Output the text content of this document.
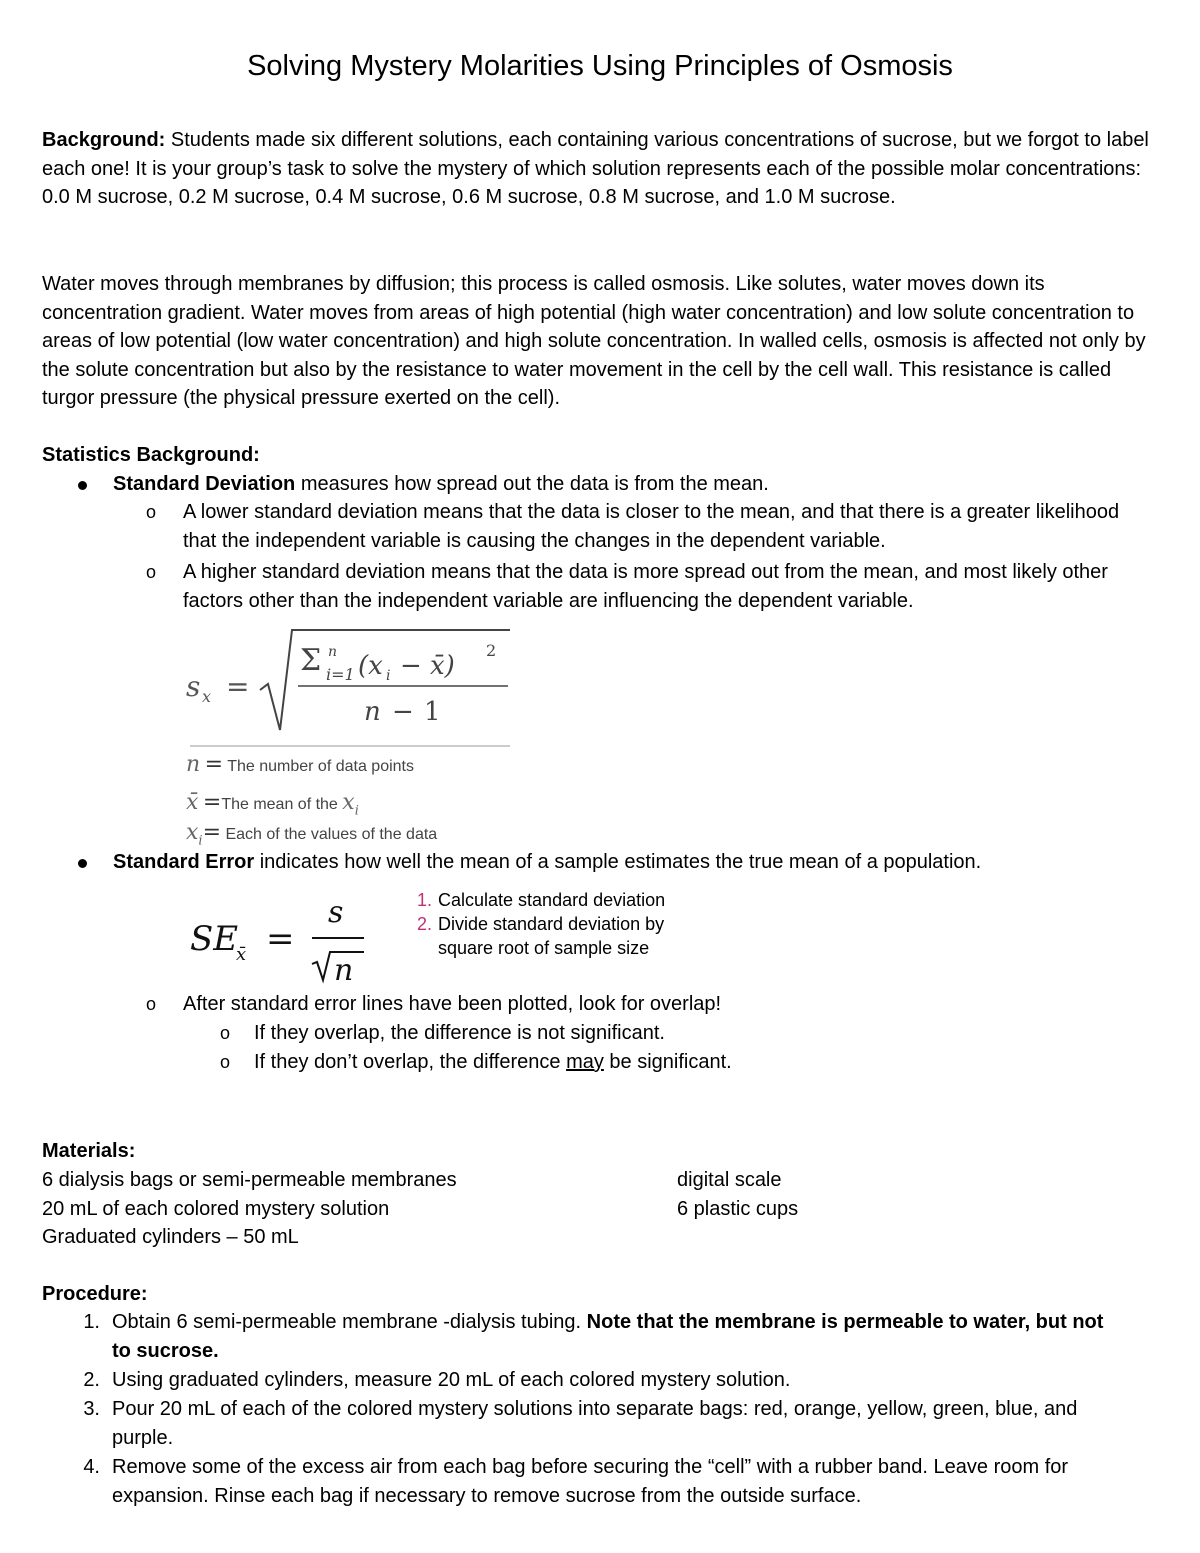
Solving Mystery Molarities Using Principles of Osmosis
Background: Students made six different solutions, each containing various concentrations of sucrose, but we forgot to label each one! It is your group’s task to solve the mystery of which solution represents each of the possible molar concentrations: 0.0 M sucrose, 0.2 M sucrose, 0.4 M sucrose, 0.6 M sucrose, 0.8 M sucrose, and 1.0 M sucrose.
Water moves through membranes by diffusion; this process is called osmosis. Like solutes, water moves down its concentration gradient. Water moves from areas of high potential (high water concentration) and low solute concentration to areas of low potential (low water concentration) and high solute concentration. In walled cells, osmosis is affected not only by the solute concentration but also by the resistance to water movement in the cell by the cell wall. This resistance is called turgor pressure (the physical pressure exerted on the cell).
Statistics Background:
Standard Deviation measures how spread out the data is from the mean.
o A lower standard deviation means that the data is closer to the mean, and that there is a greater likelihood that the independent variable is causing the changes in the dependent variable.
o A higher standard deviation means that the data is more spread out from the mean, and most likely other factors other than the independent variable are influencing the dependent variable.
s x =
Σ n
i=1 (x i − x̄)
2
n − 1
n = The number of data points
x̄ =The mean of the $x_i$
$x_i=$ Each of the values of the data
Standard Error indicates how well the mean of a sample estimates the true mean of a population.
SE
x̄ =
s
n
1. Calculate standard deviation
2. Divide standard deviation by
square root of sample size
o After standard error lines have been plotted, look for overlap!
o If they overlap, the difference is not significant.
o If they don’t overlap, the difference may be significant.
Materials:
6 dialysis bags or semi-permeable membranes
20 mL of each colored mystery solution
Graduated cylinders – 50 mL
digital scale
6 plastic cups
Procedure:
1. Obtain 6 semi-permeable membrane -dialysis tubing. Note that the membrane is permeable to water, but not to sucrose.
2. Using graduated cylinders, measure 20 mL of each colored mystery solution.
3. Pour 20 mL of each of the colored mystery solutions into separate bags: red, orange, yellow, green, blue, and purple.
4. Remove some of the excess air from each bag before securing the “cell” with a rubber band. Leave room for expansion. Rinse each bag if necessary to remove sucrose from the outside surface.
